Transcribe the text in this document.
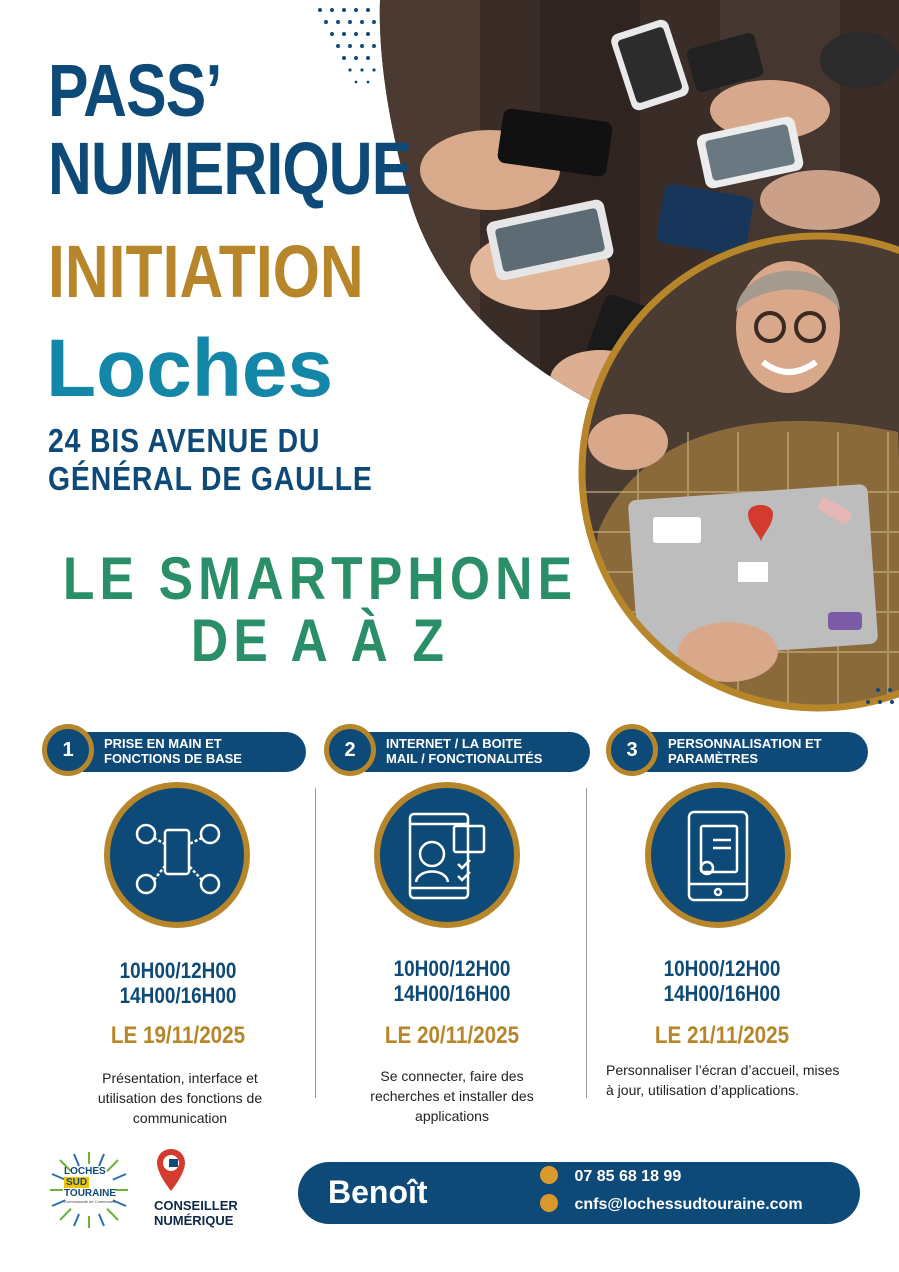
PASS’
NUMERIQUE
INITIATION
Loches
24 BIS AVENUE DU
GÉNÉRAL DE GAULLE
LE SMARTPHONE
DE A À Z
PRISE EN MAIN ET
FONCTIONS DE BASE
1	INTERNET / LA BOITE
MAIL / FONCTIONALITÉS
2	PERSONNALISATION ET
PARAMÈTRES
3
10H00/12H00
14H00/16H00
LE 19/11/2025
Présentation, interface et
utilisation des fonctions de
communication
10H00/12H00
14H00/16H00
LE 20/11/2025
Se connecter, faire des
recherches et installer des
applications
10H00/12H00
14H00/16H00
LE 21/11/2025
Personnaliser l’écran d’accueil, mises
à jour, utilisation d’applications.
LOCHES
SUD
TOURAINE
Communauté de Communes	CONSEILLER
NUMÉRIQUE
Benoît	07 85 68 18 99
cnfs@lochessudtouraine.com
